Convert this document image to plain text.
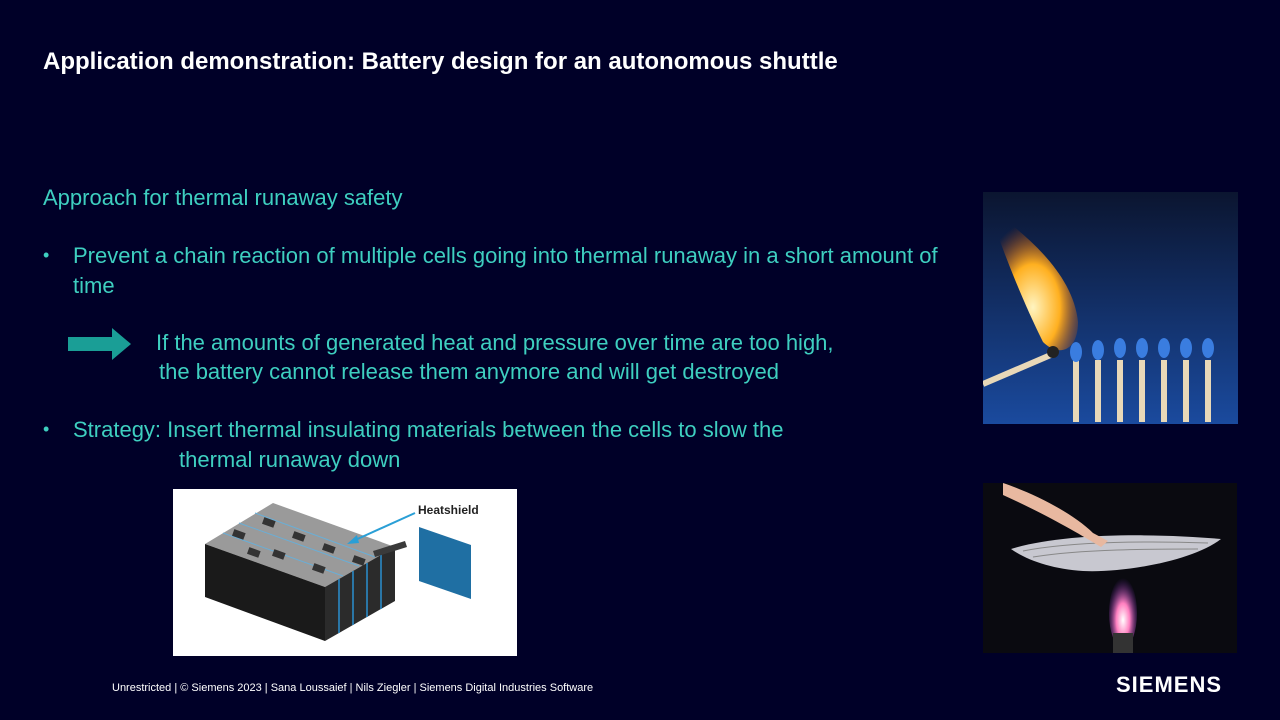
Application demonstration: Battery design for an autonomous shuttle
Approach for thermal runaway safety
• Prevent a chain reaction of multiple cells going into thermal runaway in a short amount of time
If the amounts of generated heat and pressure over time are too high,
the battery cannot release them anymore and will get destroyed
• Strategy: Insert thermal insulating materials between the cells to slow the
thermal runaway down
Heatshield
Unrestricted | © Siemens 2023 | Sana Loussaief | Nils Ziegler | Siemens Digital Industries Software	SIEMENS
